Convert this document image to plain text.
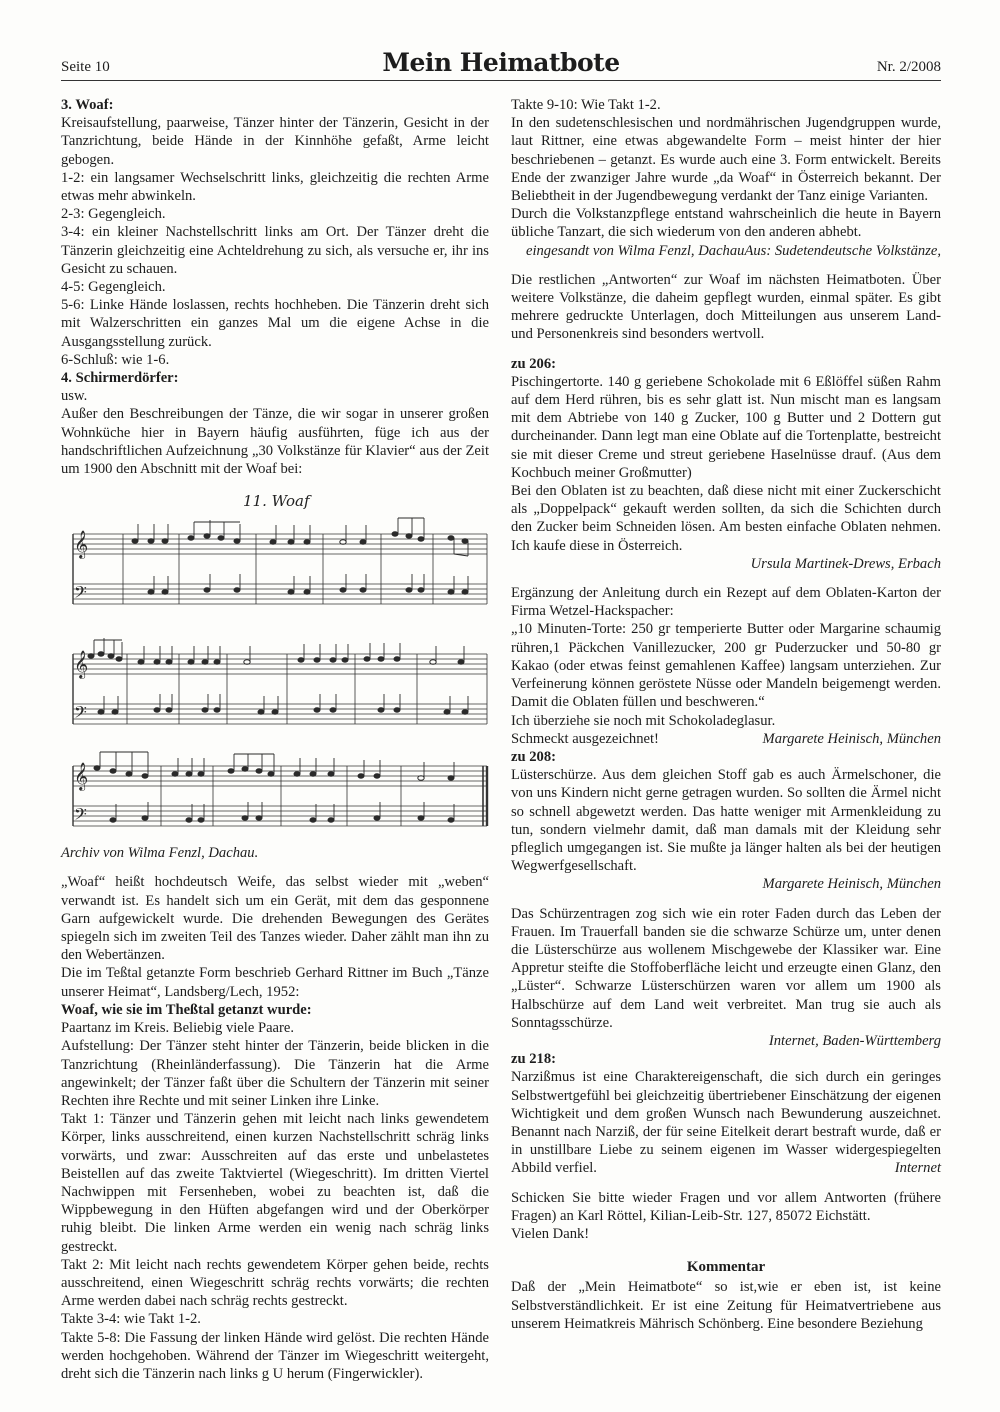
Seite 10	Mein Heimatbote	Nr. 2/2008

3. Woaf:

Kreisaufstellung, paarweise, Tänzer hinter der Tänzerin, Gesicht in der Tanzrichtung, beide Hände in der Kinnhöhe gefaßt, Arme leicht gebogen.

1-2: ein langsamer Wechselschritt links, gleichzeitig die rechten Arme etwas mehr abwinkeln.

2-3: Gegengleich.

3-4: ein kleiner Nachstellschritt links am Ort. Der Tänzer dreht die Tänzerin gleichzeitig eine Achteldrehung zu sich, als versuche er, ihr ins Gesicht zu schauen.

4-5: Gegengleich.

5-6: Linke Hände loslassen, rechts hochheben. Die Tänzerin dreht sich mit Walzerschritten ein ganzes Mal um die eigene Achse in die Ausgangsstellung zurück.

6-Schluß: wie 1-6.

4. Schirmerdörfer:

usw.

Außer den Beschreibungen der Tänze, die wir sogar in unserer großen Wohnküche hier in Bayern häufig ausführten, füge ich aus der handschriftlichen Aufzeichnung „30 Volkstänze für Klavier“ aus der Zeit um 1900 den Abschnitt mit der Woaf bei:

𝄞
𝄢
𝄞
𝄢
𝄞
𝄢
11. Woaf

Archiv von Wilma Fenzl, Dachau.

„Woaf“ heißt hochdeutsch Weife, das selbst wieder mit „weben“ verwandt ist. Es handelt sich um ein Gerät, mit dem das gesponnene Garn aufgewickelt wurde. Die drehenden Bewegungen des Gerätes spiegeln sich im zweiten Teil des Tanzes wieder. Daher zählt man ihn zu den Webertänzen.

Die im Teßtal getanzte Form beschrieb Gerhard Rittner im Buch „Tänze unserer Heimat“, Landsberg/Lech, 1952:

Woaf, wie sie im Theßtal getanzt wurde:

Paartanz im Kreis. Beliebig viele Paare.

Aufstellung: Der Tänzer steht hinter der Tänzerin, beide blicken in die Tanzrichtung (Rheinländerfassung). Die Tänzerin hat die Arme angewinkelt; der Tänzer faßt über die Schultern der Tänzerin mit seiner Rechten ihre Rechte und mit seiner Linken ihre Linke.

Takt 1: Tänzer und Tänzerin gehen mit leicht nach links gewendetem Körper, links ausschreitend, einen kurzen Nachstellschritt schräg links vorwärts, und zwar: Ausschreiten auf das erste und unbelastetes Beistellen auf das zweite Taktviertel (Wiegeschritt). Im dritten Viertel Nachwippen mit Fersenheben, wobei zu beachten ist, daß die Wippbewegung in den Hüften abgefangen wird und der Oberkörper ruhig bleibt. Die linken Arme werden ein wenig nach schräg links gestreckt.

Takt 2: Mit leicht nach rechts gewendetem Körper gehen beide, rechts ausschreitend, einen Wiegeschritt schräg rechts vorwärts; die rechten Arme werden dabei nach schräg rechts gestreckt.

Takte 3-4: wie Takt 1-2.

Takte 5-8: Die Fassung der linken Hände wird gelöst. Die rechten Hände werden hochgehoben. Während der Tänzer im Wiegeschritt weitergeht, dreht sich die Tänzerin nach links g U herum (Fingerwickler).

Takte 9-10: Wie Takt 1-2.

In den sudetenschlesischen und nordmährischen Jugendgruppen wurde, laut Rittner, eine etwas abgewandelte Form – meist hinter der hier beschriebenen – getanzt. Es wurde auch eine 3. Form entwickelt. Bereits Ende der zwanziger Jahre wurde „da Woaf“ in Österreich bekannt. Der Beliebtheit in der Jugendbewegung verdankt der Tanz einige Varianten.

Durch die Volkstanzpflege entstand wahrscheinlich die heute in Bayern übliche Tanzart, die sich wiederum von den anderen abhebt.
Aus: Sudetendeutsche Volkstänze,

eingesandt von Wilma Fenzl, Dachau

Die restlichen „Antworten“ zur Woaf im nächsten Heimatboten. Über weitere Volkstänze, die daheim gepflegt wurden, einmal später. Es gibt mehrere gedruckte Unterlagen, doch Mitteilungen aus unserem Land- und Personenkreis sind besonders wertvoll.

zu 206:

Pischingertorte. 140 g geriebene Schokolade mit 6 Eßlöffel süßen Rahm auf dem Herd rühren, bis es sehr glatt ist. Nun mischt man es langsam mit dem Abtriebe von 140 g Zucker, 100 g Butter und 2 Dottern gut durcheinander. Dann legt man eine Oblate auf die Tortenplatte, bestreicht sie mit dieser Creme und streut geriebene Haselnüsse drauf. (Aus dem Kochbuch meiner Großmutter)

Bei den Oblaten ist zu beachten, daß diese nicht mit einer Zuckerschicht als „Doppelpack“ gekauft werden sollten, da sich die Schichten durch den Zucker beim Schneiden lösen. Am besten einfache Oblaten nehmen. Ich kaufe diese in Österreich.

Ursula Martinek-Drews, Erbach

Ergänzung der Anleitung durch ein Rezept auf dem Oblaten-Karton der Firma Wetzel-Hackspacher:

„10 Minuten-Torte: 250 gr temperierte Butter oder Margarine schaumig rühren,1 Päckchen Vanillezucker, 200 gr Puderzucker und 50-80 gr Kakao (oder etwas feinst gemahlenen Kaffee) langsam unterziehen. Zur Verfeinerung können geröstete Nüsse oder Mandeln beigemengt werden. Damit die Oblaten füllen und beschweren.“

Ich überziehe sie noch mit Schokoladeglasur.

Schmeckt ausgezeichnet!	Margarete Heinisch, München

zu 208:

Lüsterschürze. Aus dem gleichen Stoff gab es auch Ärmelschoner, die von uns Kindern nicht gerne getragen wurden. So sollten die Ärmel nicht so schnell abgewetzt werden. Das hatte weniger mit Armenkleidung zu tun, sondern vielmehr damit, daß man damals mit der Kleidung sehr pfleglich umgegangen ist. Sie mußte ja länger halten als bei der heutigen Wegwerfgesellschaft.

Margarete Heinisch, München

Das Schürzentragen zog sich wie ein roter Faden durch das Leben der Frauen. Im Trauerfall banden sie die schwarze Schürze um, unter denen die Lüsterschürze aus wollenem Mischgewebe der Klassiker war. Eine Appretur steifte die Stoffoberfläche leicht und erzeugte einen Glanz, den „Lüster“. Schwarze Lüsterschürzen waren vor allem um 1900 als Halbschürze auf dem Land weit verbreitet. Man trug sie auch als Sonntagsschürze.

Internet, Baden-Württemberg

zu 218:

Narzißmus ist eine Charaktereigenschaft, die sich durch ein geringes Selbstwertgefühl bei gleichzeitig übertriebener Einschätzung der eigenen Wichtigkeit und dem großen Wunsch nach Bewunderung auszeichnet. Benannt nach Narziß, der für seine Eitelkeit derart bestraft wurde, daß er in unstillbare Liebe zu seinem eigenen im Wasser widergespiegelten Abbild verfiel.	Internet

Schicken Sie bitte wieder Fragen und vor allem Antworten (frühere Fragen) an Karl Röttel, Kilian-Leib-Str. 127, 85072 Eichstätt.

Vielen Dank!

Kommentar

Daß der „Mein Heimatbote“ so ist,wie er eben ist, ist keine Selbstverständlichkeit. Er ist eine Zeitung für Heimatvertriebene aus unserem Heimatkreis Mährisch Schönberg. Eine besondere Beziehung
